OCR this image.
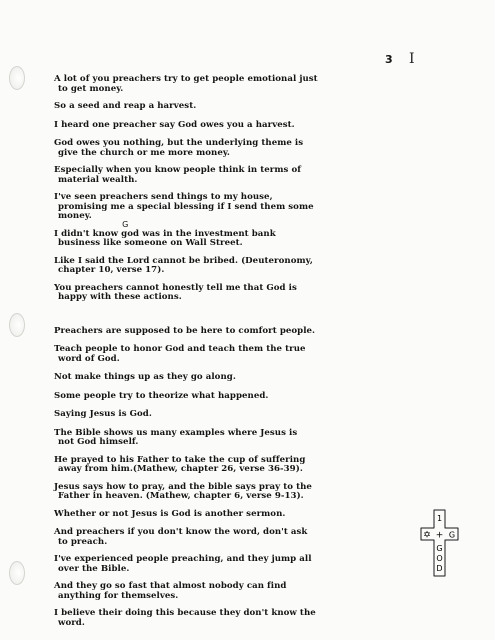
3 I

A lot of you preachers try to get people emotional just
to get money.

So a seed and reap a harvest.

I heard one preacher say God owes you a harvest.

God owes you nothing, but the underlying theme is
give the church or me more money.

Especially when you know people think in terms of
material wealth.

I've seen preachers send things to my house,
promising me a special blessing if I send them some
money.

I didn't know
G
god was in the investment bank
business like someone on Wall Street.

Like I said the Lord cannot be bribed. (Deuteronomy,
chapter 10, verse 17).

You preachers cannot honestly tell me that God is
happy with these actions.

Preachers are supposed to be here to comfort people.

Teach people to honor God and teach them the true
word of God.

Not make things up as they go along.

Some people try to theorize what happened.

Saying Jesus is God.

The Bible shows us many examples where Jesus is
not God himself.

He prayed to his Father to take the cup of suffering
away from him.(Mathew, chapter 26, verse 36-39).

Jesus says how to pray, and the bible says pray to the
Father in heaven. (Mathew, chapter 6, verse 9-13).

Whether or not Jesus is God is another sermon.

And preachers if you don't know the word, don't ask
to preach.

I've experienced people preaching, and they jump all
over the Bible.

And they go so fast that almost nobody can find
anything for themselves.

I believe their doing this because they don't know the
word.

1
✡ + G
G
O
D
